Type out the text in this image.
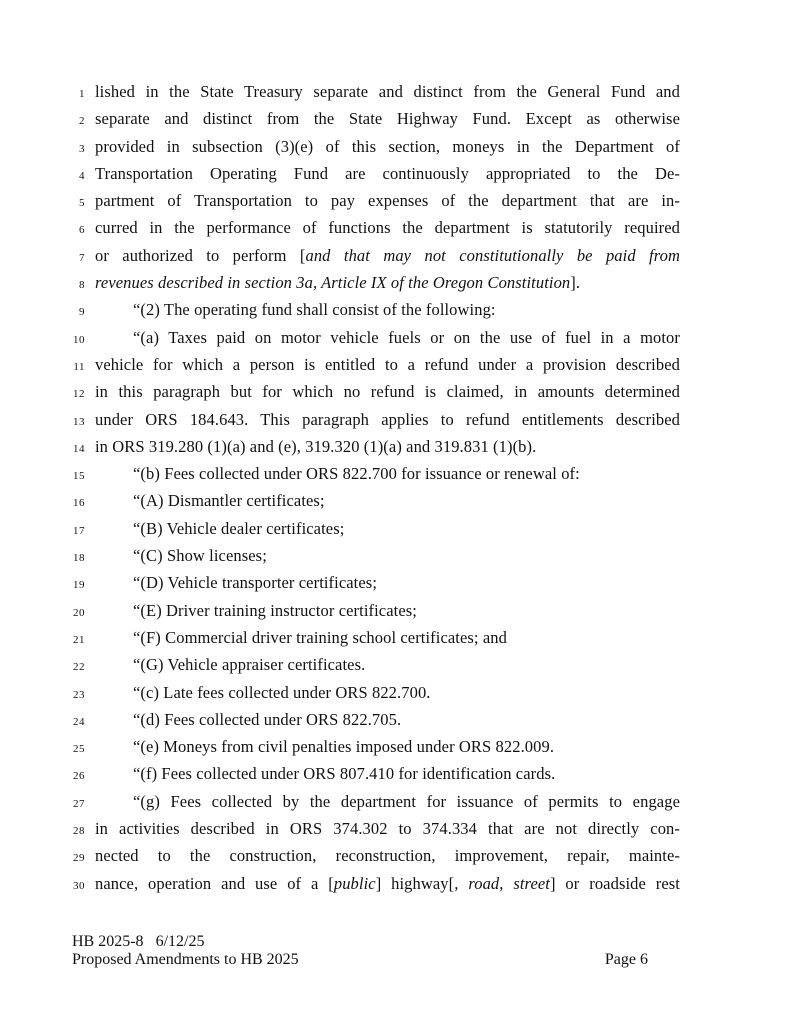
1 lished in the State Treasury separate and distinct from the General Fund and
2 separate and distinct from the State Highway Fund. Except as otherwise
3 provided in subsection (3)(e) of this section, moneys in the Department of
4 Transportation Operating Fund are continuously appropriated to the De-
5 partment of Transportation to pay expenses of the department that are in-
6 curred in the performance of functions the department is statutorily required
7 or authorized to perform [and that may not constitutionally be paid from
8 revenues described in section 3a, Article IX of the Oregon Constitution].
9	“(2) The operating fund shall consist of the following:
10	“(a) Taxes paid on motor vehicle fuels or on the use of fuel in a motor
11 vehicle for which a person is entitled to a refund under a provision described
12 in this paragraph but for which no refund is claimed, in amounts determined
13 under ORS 184.643. This paragraph applies to refund entitlements described
14 in ORS 319.280 (1)(a) and (e), 319.320 (1)(a) and 319.831 (1)(b).
15	“(b) Fees collected under ORS 822.700 for issuance or renewal of:
16	“(A) Dismantler certificates;
17	“(B) Vehicle dealer certificates;
18	“(C) Show licenses;
19	“(D) Vehicle transporter certificates;
20	“(E) Driver training instructor certificates;
21	“(F) Commercial driver training school certificates; and
22	“(G) Vehicle appraiser certificates.
23	“(c) Late fees collected under ORS 822.700.
24	“(d) Fees collected under ORS 822.705.
25	“(e) Moneys from civil penalties imposed under ORS 822.009.
26	“(f) Fees collected under ORS 807.410 for identification cards.
27	“(g) Fees collected by the department for issuance of permits to engage
28 in activities described in ORS 374.302 to 374.334 that are not directly con-
29 nected to the construction, reconstruction, improvement, repair, mainte-
30 nance, operation and use of a [public] highway[, road, street] or roadside rest
HB 2025-8 6/12/25
Proposed Amendments to HB 2025	Page 6
